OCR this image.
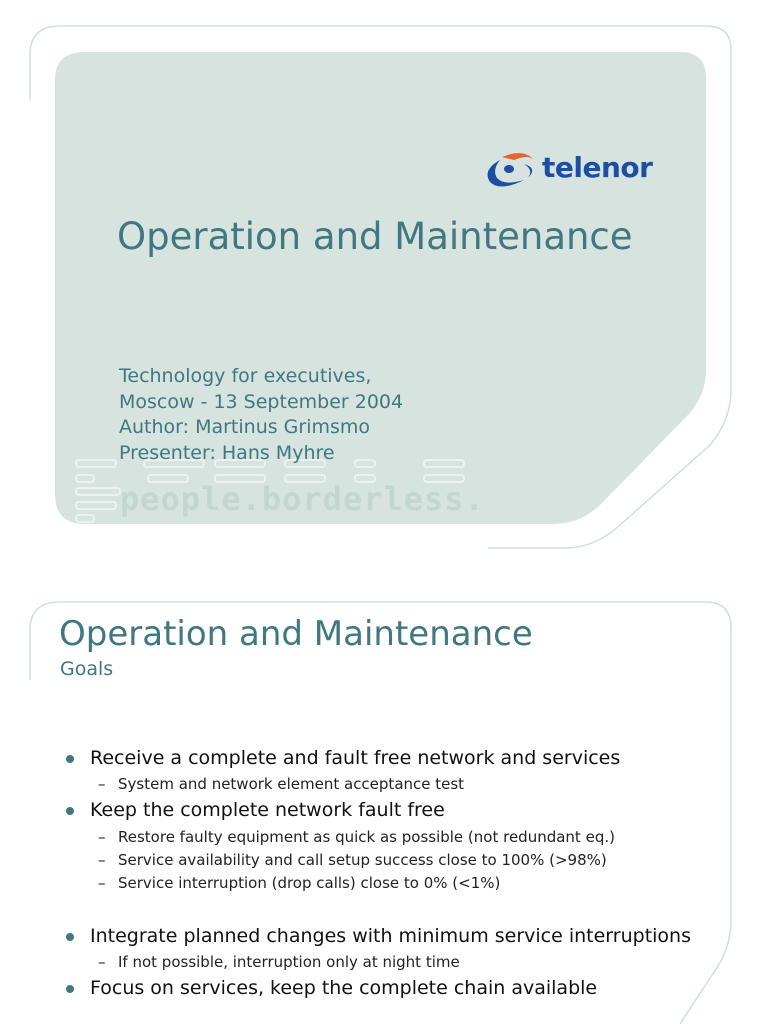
people.borderless.
telenor
Operation and Maintenance
Technology for executives,
Moscow - 13 September 2004
Author: Martinus Grimsmo
Presenter: Hans Myhre
Operation and Maintenance
Goals
Receive a complete and fault free network and services
– System and network element acceptance test
Keep the complete network fault free
– Restore faulty equipment as quick as possible (not redundant eq.)
– Service availability and call setup success close to 100% (>98%)
– Service interruption (drop calls) close to 0% (<1%)
Integrate planned changes with minimum service interruptions
– If not possible, interruption only at night time
Focus on services, keep the complete chain available
